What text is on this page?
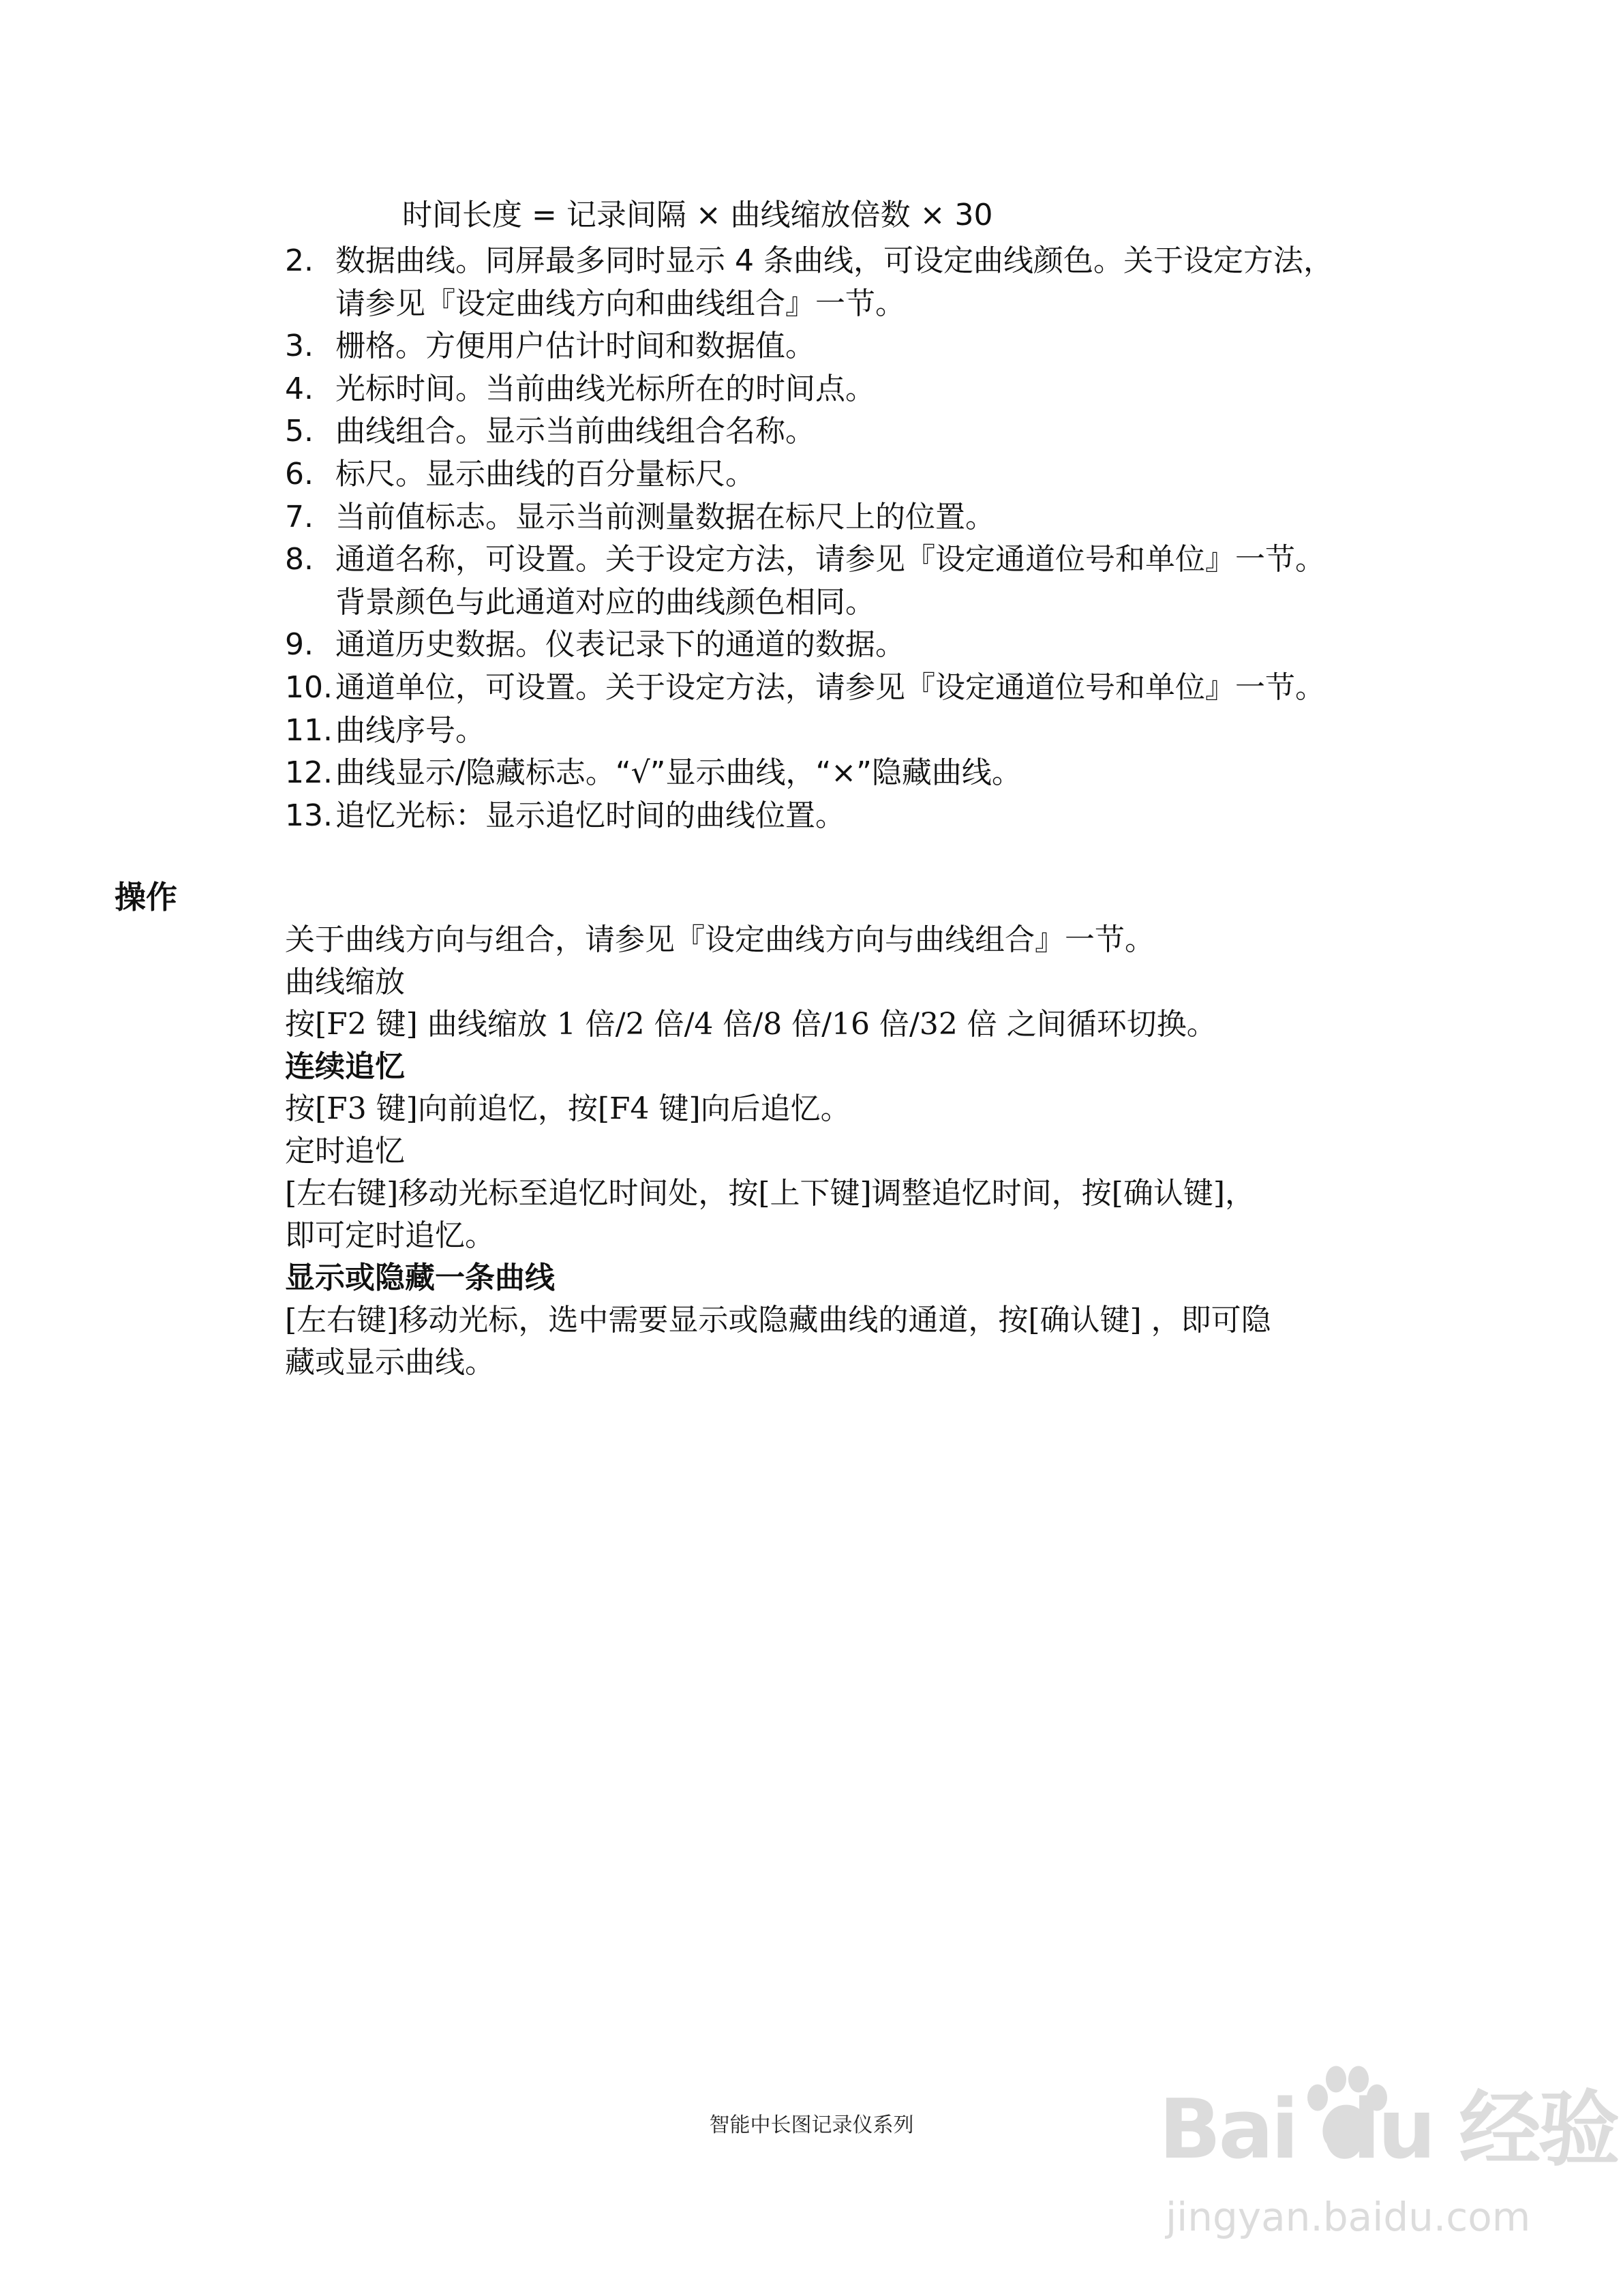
时间长度 = 记录间隔 × 曲线缩放倍数 × 30
2. 数据曲线。同屏最多同时显示 4 条曲线，可设定曲线颜色。关于设定方法，
请参见『设定曲线方向和曲线组合』一节。
3. 栅格。方便用户估计时间和数据值。
4. 光标时间。当前曲线光标所在的时间点。
5. 曲线组合。显示当前曲线组合名称。
6. 标尺。显示曲线的百分量标尺。
7. 当前值标志。显示当前测量数据在标尺上的位置。
8. 通道名称，可设置。关于设定方法，请参见『设定通道位号和单位』一节。
背景颜色与此通道对应的曲线颜色相同。
9. 通道历史数据。仪表记录下的通道的数据。
10. 通道单位，可设置。关于设定方法，请参见『设定通道位号和单位』一节。
11. 曲线序号。
12. 曲线显示/隐藏标志。“√”显示曲线，“×”隐藏曲线。
13. 追忆光标：显示追忆时间的曲线位置。
操作
关于曲线方向与组合，请参见『设定曲线方向与曲线组合』一节。
曲线缩放
按[F2 键] 曲线缩放 1 倍/2 倍/4 倍/8 倍/16 倍/32 倍 之间循环切换。
连续追忆
按[F3 键]向前追忆，按[F4 键]向后追忆。
定时追忆
[左右键]移动光标至追忆时间处，按[上下键]调整追忆时间，按[确认键]，
即可定时追忆。
显示或隐藏一条曲线
[左右键]移动光标，选中需要显示或隐藏曲线的通道，按[确认键] ，即可隐
藏或显示曲线。
智能中长图记录仪系列	Bai du 经验
jingyan.baidu.com
